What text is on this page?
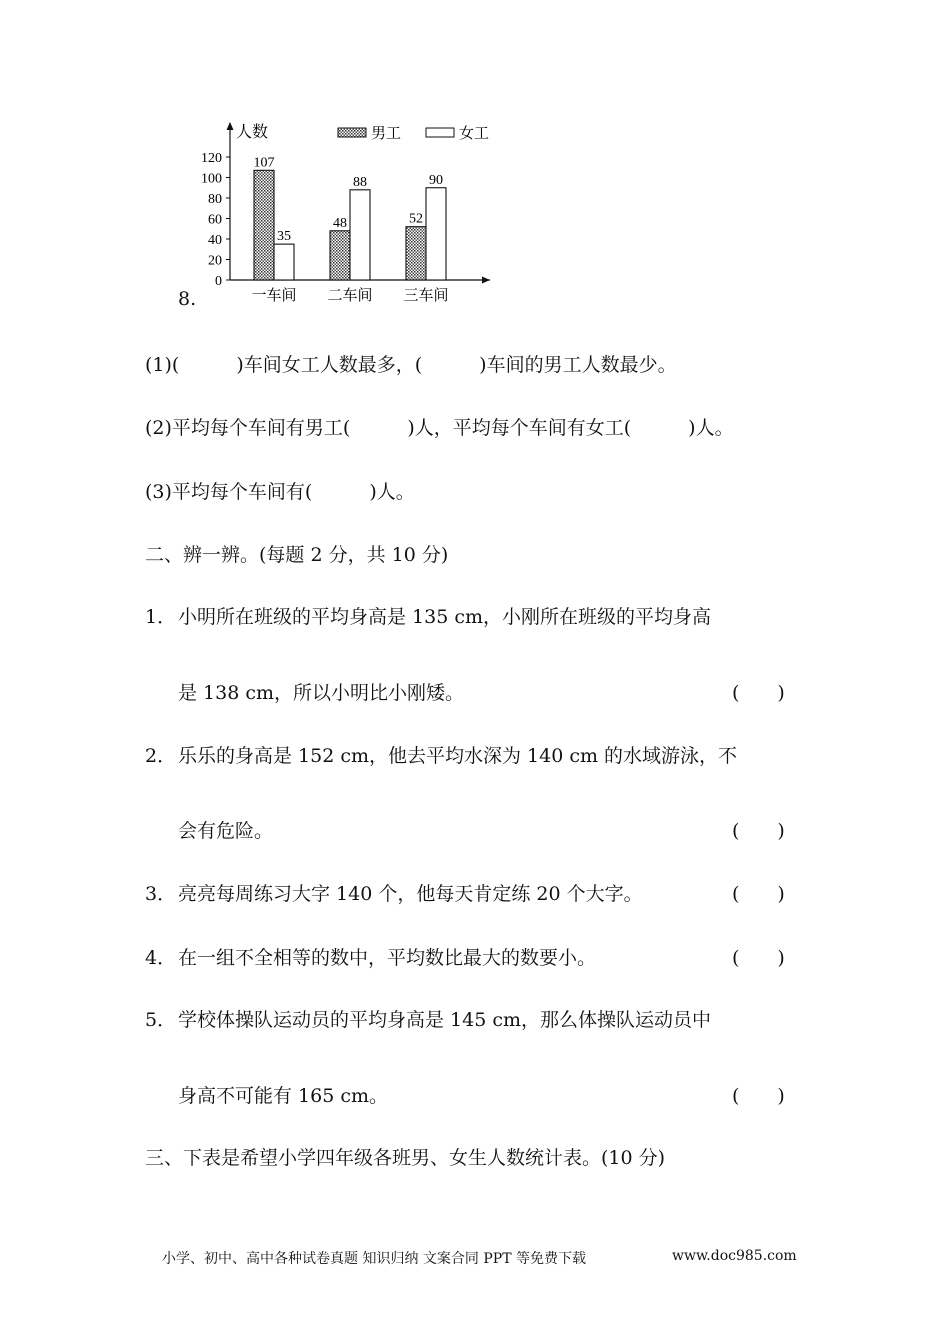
8.
人数
0
20
40
60
80
100
120
男工	女工
107
35
一车间
48
88
二车间
52
90
三车间
(1)(　　　)车间女工人数最多，(　　　)车间的男工人数最少。
(2)平均每个车间有男工(　　　)人，平均每个车间有女工(　　　)人。
(3)平均每个车间有(　　　)人。
二、辨一辨。(每题 2 分，共 10 分)
1． 小明所在班级的平均身高是 135 cm，小刚所在班级的平均身高
是 138 cm，所以小明比小刚矮。	(　　)
2． 乐乐的身高是 152 cm，他去平均水深为 140 cm 的水域游泳，不
会有危险。	(　　)
3． 亮亮每周练习大字 140 个，他每天肯定练 20 个大字。	(　　)
4． 在一组不全相等的数中，平均数比最大的数要小。	(　　)
5． 学校体操队运动员的平均身高是 145 cm，那么体操队运动员中
身高不可能有 165 cm。	(　　)
三、下表是希望小学四年级各班男、女生人数统计表。(10 分)
小学、初中、高中各种试卷真题 知识归纳 文案合同 PPT 等免费下载	www.doc985.com
